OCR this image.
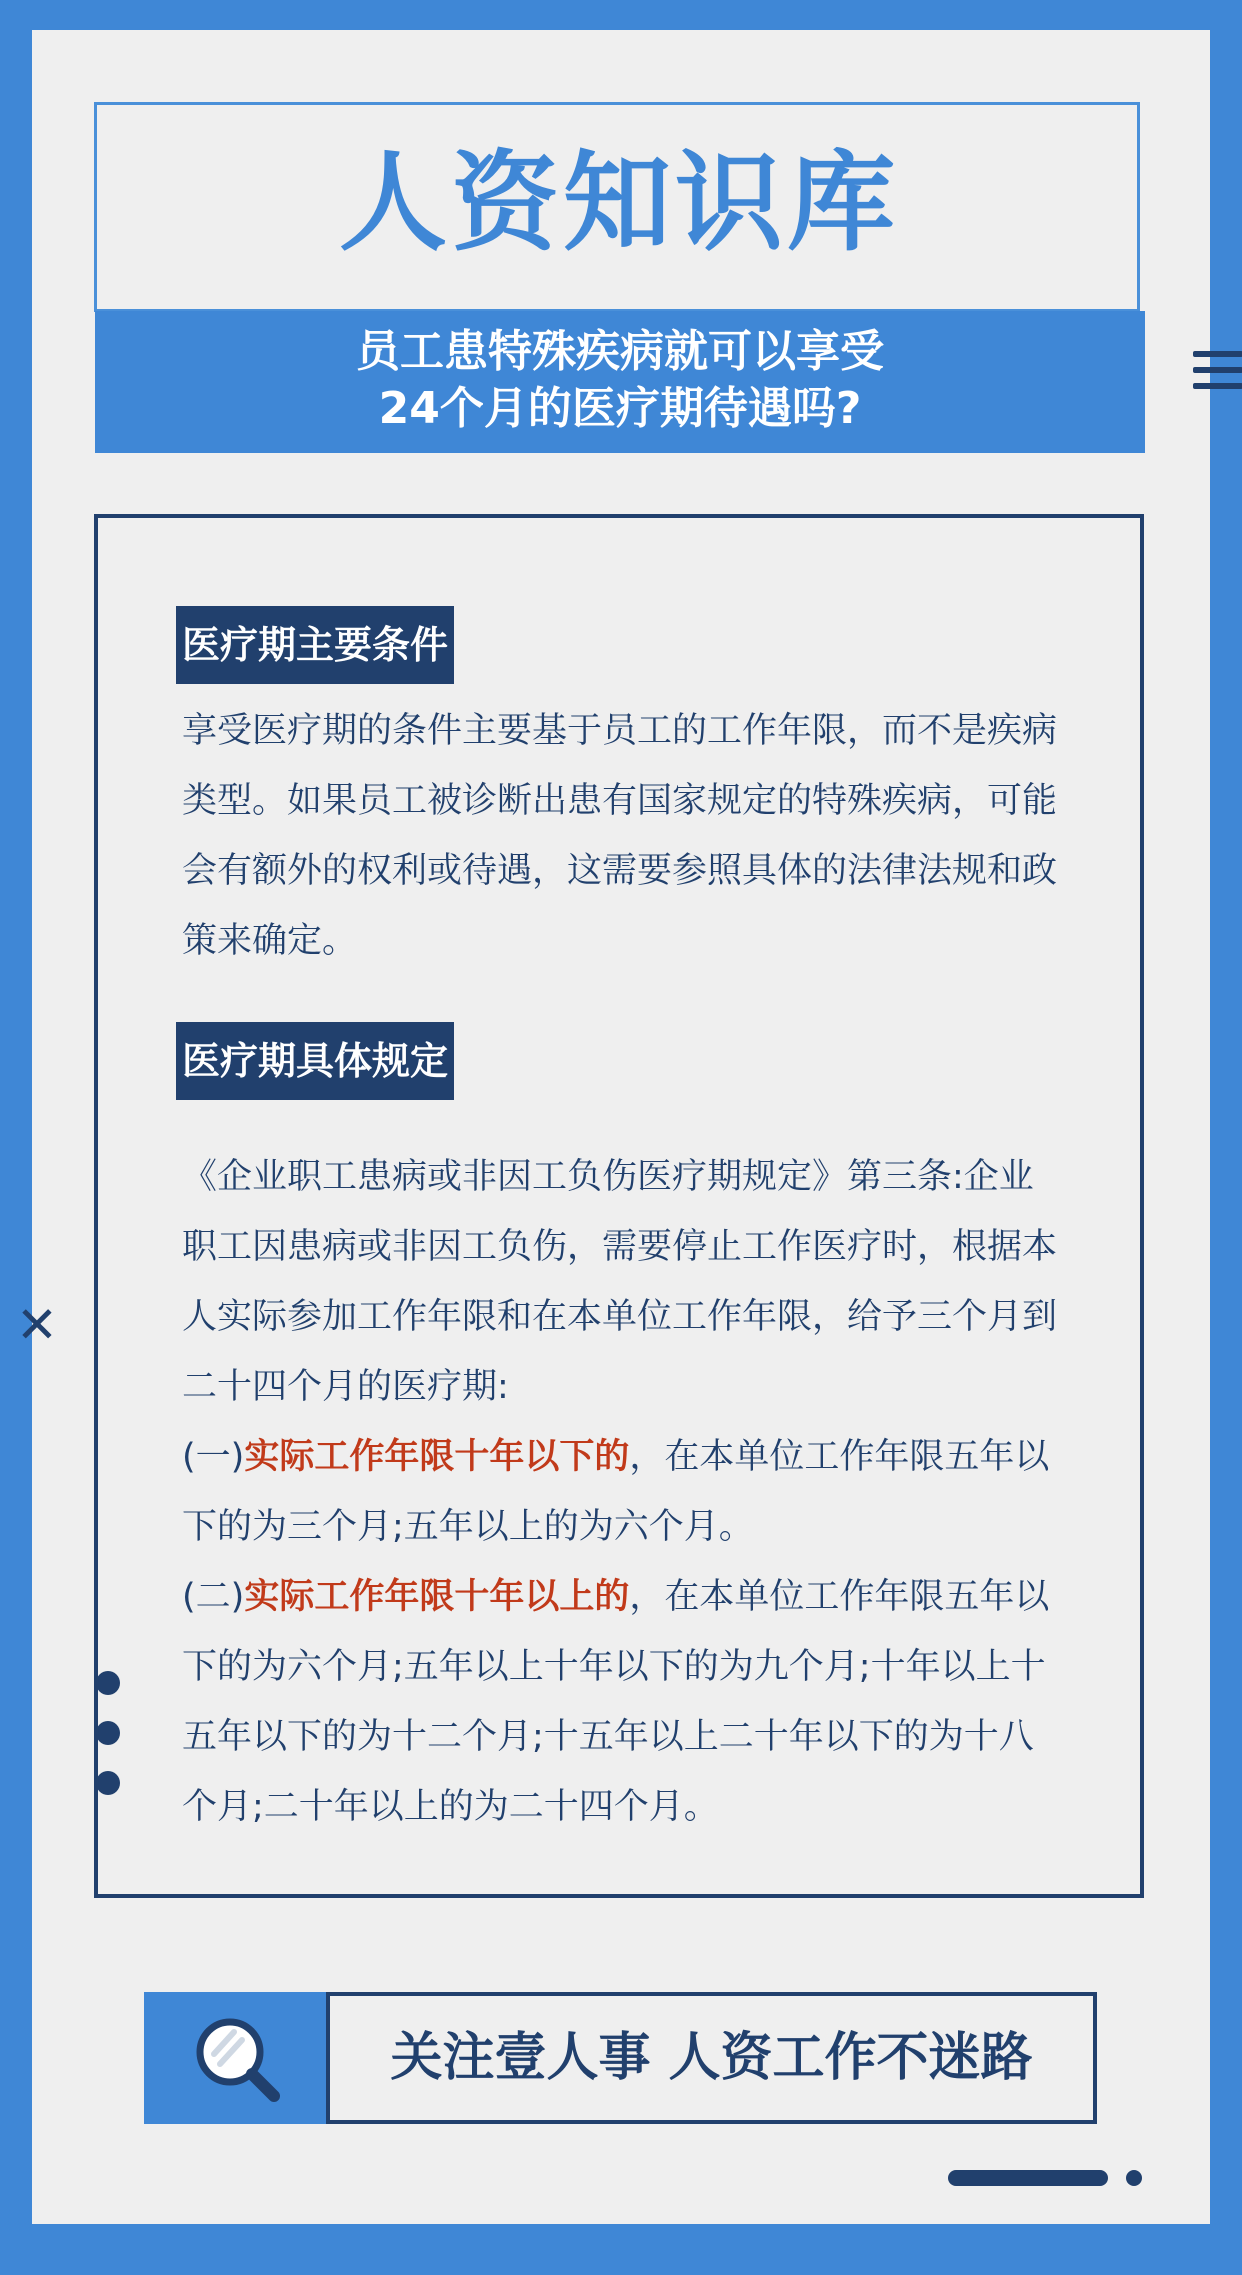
人资知识库
员工患特殊疾病就可以享受
24个月的医疗期待遇吗?
医疗期主要条件
享受医疗期的条件主要基于员工的工作年限，而不是疾病类型。如果员工被诊断出患有国家规定的特殊疾病，可能会有额外的权利或待遇，这需要参照具体的法律法规和政策来确定。
医疗期具体规定

《企业职工患病或非因工负伤医疗期规定》第三条:企业职工因患病或非因工负伤，需要停止工作医疗时，根据本人实际参加工作年限和在本单位工作年限，给予三个月到二十四个月的医疗期:

(一)实际工作年限十年以下的，在本单位工作年限五年以下的为三个月;五年以上的为六个月。

(二)实际工作年限十年以上的，在本单位工作年限五年以下的为六个月;五年以上十年以下的为九个月;十年以上十五年以下的为十二个月;十五年以上二十年以下的为十八个月;二十年以上的为二十四个月。

✕
关注壹人事 人资工作不迷路
